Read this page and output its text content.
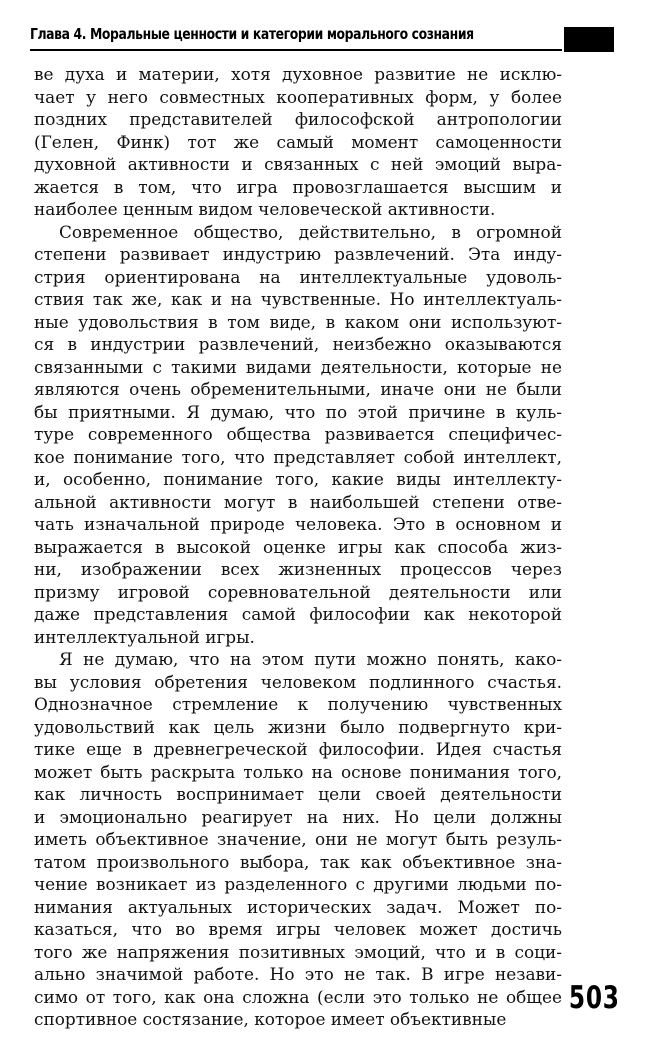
Глава 4. Моральные ценности и категории морального сознания

ве духа и материи, хотя духовное развитие не исклю-
чает у него совместных кооперативных форм, у более
поздних представителей философской антропологии
(Гелен, Финк) тот же самый момент самоценности
духовной активности и связанных с ней эмоций выра-
жается в том, что игра провозглашается высшим и
наиболее ценным видом человеческой активности.

Современное общество, действительно, в огромной
степени развивает индустрию развлечений. Эта инду-
стрия ориентирована на интеллектуальные удоволь-
ствия так же, как и на чувственные. Но интеллектуаль-
ные удовольствия в том виде, в каком они используют-
ся в индустрии развлечений, неизбежно оказываются
связанными с такими видами деятельности, которые не
являются очень обременительными, иначе они не были
бы приятными. Я думаю, что по этой причине в куль-
туре современного общества развивается специфичес-
кое понимание того, что представляет собой интеллект,
и, особенно, понимание того, какие виды интеллекту-
альной активности могут в наибольшей степени отве-
чать изначальной природе человека. Это в основном и
выражается в высокой оценке игры как способа жиз-
ни, изображении всех жизненных процессов через
призму игровой соревновательной деятельности или
даже представления самой философии как некоторой
интеллектуальной игры.

Я не думаю, что на этом пути можно понять, како-
вы условия обретения человеком подлинного счастья.
Однозначное стремление к получению чувственных
удовольствий как цель жизни было подвергнуто кри-
тике еще в древнегреческой философии. Идея счастья
может быть раскрыта только на основе понимания того,
как личность воспринимает цели своей деятельности
и эмоционально реагирует на них. Но цели должны
иметь объективное значение, они не могут быть резуль-
татом произвольного выбора, так как объективное зна-
чение возникает из разделенного с другими людьми по-
нимания актуальных исторических задач. Может по-
казаться, что во время игры человек может достичь
того же напряжения позитивных эмоций, что и в соци-
ально значимой работе. Но это не так. В игре незави-
симо от того, как она сложна (если это только не общее
спортивное состязание, которое имеет объективные

503
